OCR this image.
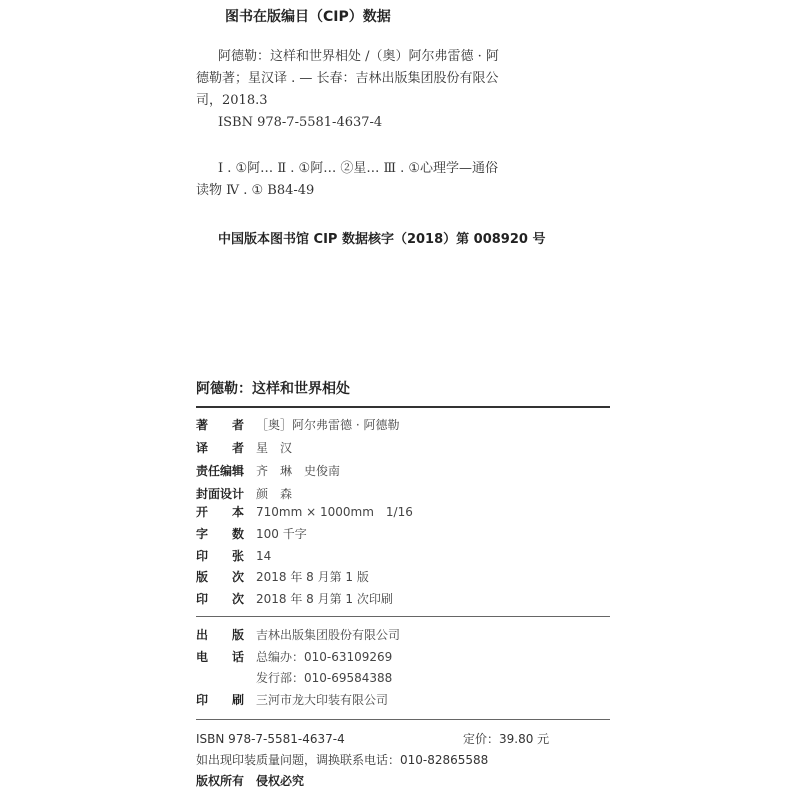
图书在版编目（CIP）数据
阿德勒：这样和世界相处 /（奥）阿尔弗雷德 · 阿
德勒著；星汉译 . — 长春：吉林出版集团股份有限公
司，2018.3
ISBN 978-7-5581-4637-4
Ⅰ . ①阿… Ⅱ . ①阿… ②星… Ⅲ . ①心理学—通俗
读物 Ⅳ . ① B84-49
中国版本图书馆 CIP 数据核字（2018）第 008920 号
阿德勒：这样和世界相处
著　　者 ［奥］阿尔弗雷德 · 阿德勒
译　　者 星　汉
责任编辑 齐　琳　史俊南
封面设计 颜　森
开　　本 710mm × 1000mm　1/16
字　　数 100 千字
印　　张 14
版　　次 2018 年 8 月第 1 版
印　　次 2018 年 8 月第 1 次印刷
出　　版 吉林出版集团股份有限公司
电　　话 总编办：010-63109269
发行部：010-69584388
印　　刷 三河市龙大印装有限公司
ISBN 978-7-5581-4637-4	定价：39.80 元
如出现印装质量问题，调换联系电话：010-82865588
版权所有　侵权必究
